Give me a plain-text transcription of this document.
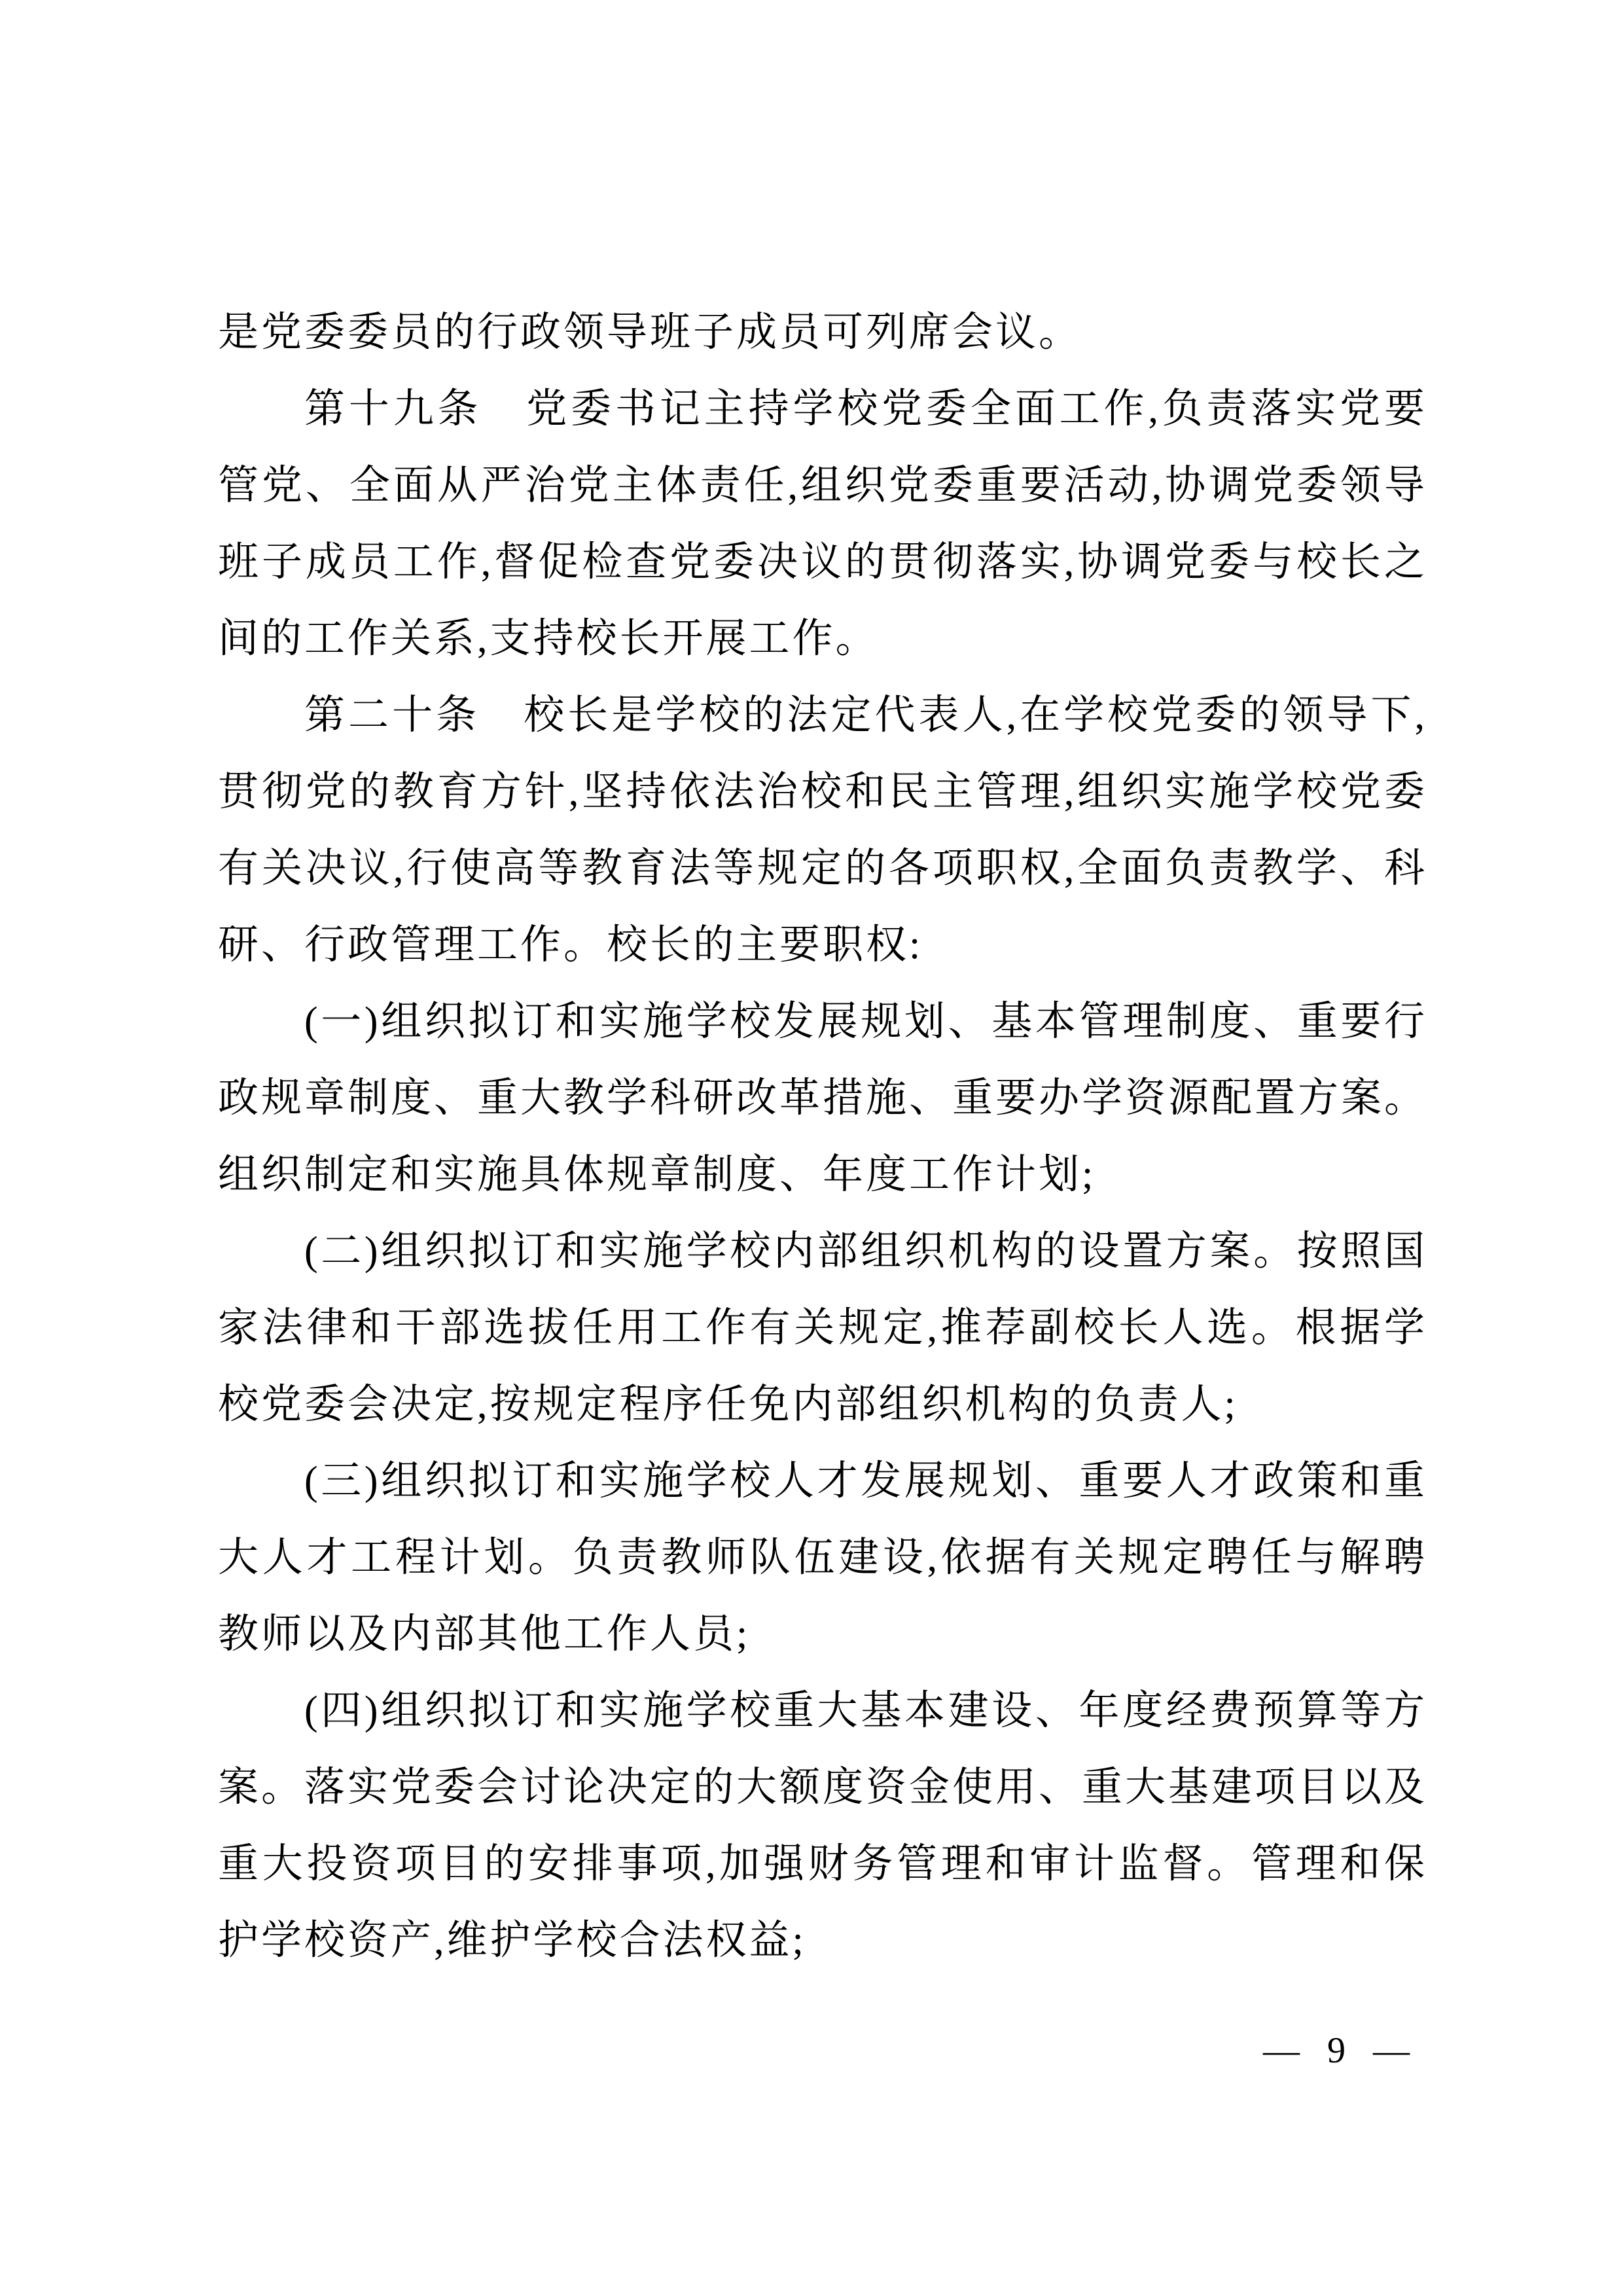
是党委委员的行政领导班子成员可列席会议。

第十九条　党委书记主持学校党委全面工作,负责落实党要管党、全面从严治党主体责任,组织党委重要活动,协调党委领导班子成员工作,督促检查党委决议的贯彻落实,协调党委与校长之间的工作关系,支持校长开展工作。

第二十条　校长是学校的法定代表人,在学校党委的领导下,贯彻党的教育方针,坚持依法治校和民主管理,组织实施学校党委有关决议,行使高等教育法等规定的各项职权,全面负责教学、科研、行政管理工作。校长的主要职权:

(一)组织拟订和实施学校发展规划、基本管理制度、重要行政规章制度、重大教学科研改革措施、重要办学资源配置方案。组织制定和实施具体规章制度、年度工作计划;

(二)组织拟订和实施学校内部组织机构的设置方案。按照国家法律和干部选拔任用工作有关规定,推荐副校长人选。根据学校党委会决定,按规定程序任免内部组织机构的负责人;

(三)组织拟订和实施学校人才发展规划、重要人才政策和重大人才工程计划。负责教师队伍建设,依据有关规定聘任与解聘教师以及内部其他工作人员;

(四)组织拟订和实施学校重大基本建设、年度经费预算等方案。落实党委会讨论决定的大额度资金使用、重大基建项目以及重大投资项目的安排事项,加强财务管理和审计监督。管理和保护学校资产,维护学校合法权益;

— 9 —
